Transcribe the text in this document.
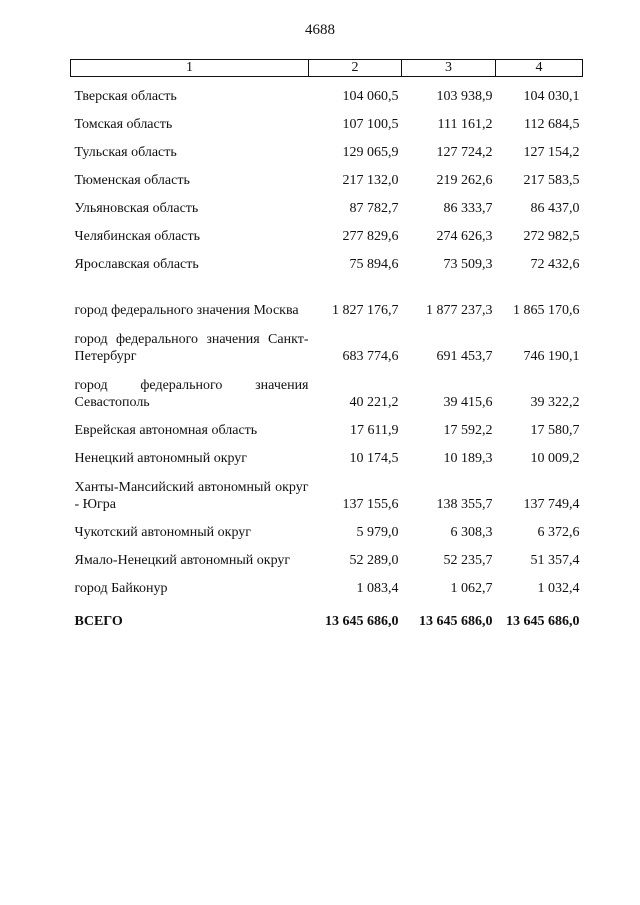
4688
1	2	3	4
Тверская область	104 060,5	103 938,9	104 030,1
Томская область	107 100,5	111 161,2	112 684,5
Тульская область	129 065,9	127 724,2	127 154,2
Тюменская область	217 132,0	219 262,6	217 583,5
Ульяновская область	87 782,7	86 333,7	86 437,0
Челябинская область	277 829,6	274 626,3	272 982,5
Ярославская область	75 894,6	73 509,3	72 432,6
город федерального значения Москва	1 827 176,7	1 877 237,3	1 865 170,6
город федерального значения Санкт-Петербург	683 774,6	691 453,7	746 190,1
город федерального значения Севастополь	40 221,2	39 415,6	39 322,2
Еврейская автономная область	17 611,9	17 592,2	17 580,7
Ненецкий автономный округ	10 174,5	10 189,3	10 009,2
Ханты-Мансийский автономный округ - Югра	137 155,6	138 355,7	137 749,4
Чукотский автономный округ	5 979,0	6 308,3	6 372,6
Ямало-Ненецкий автономный округ	52 289,0	52 235,7	51 357,4
город Байконур	1 083,4	1 062,7	1 032,4

ВСЕГО	13 645 686,0	13 645 686,0	13 645 686,0
